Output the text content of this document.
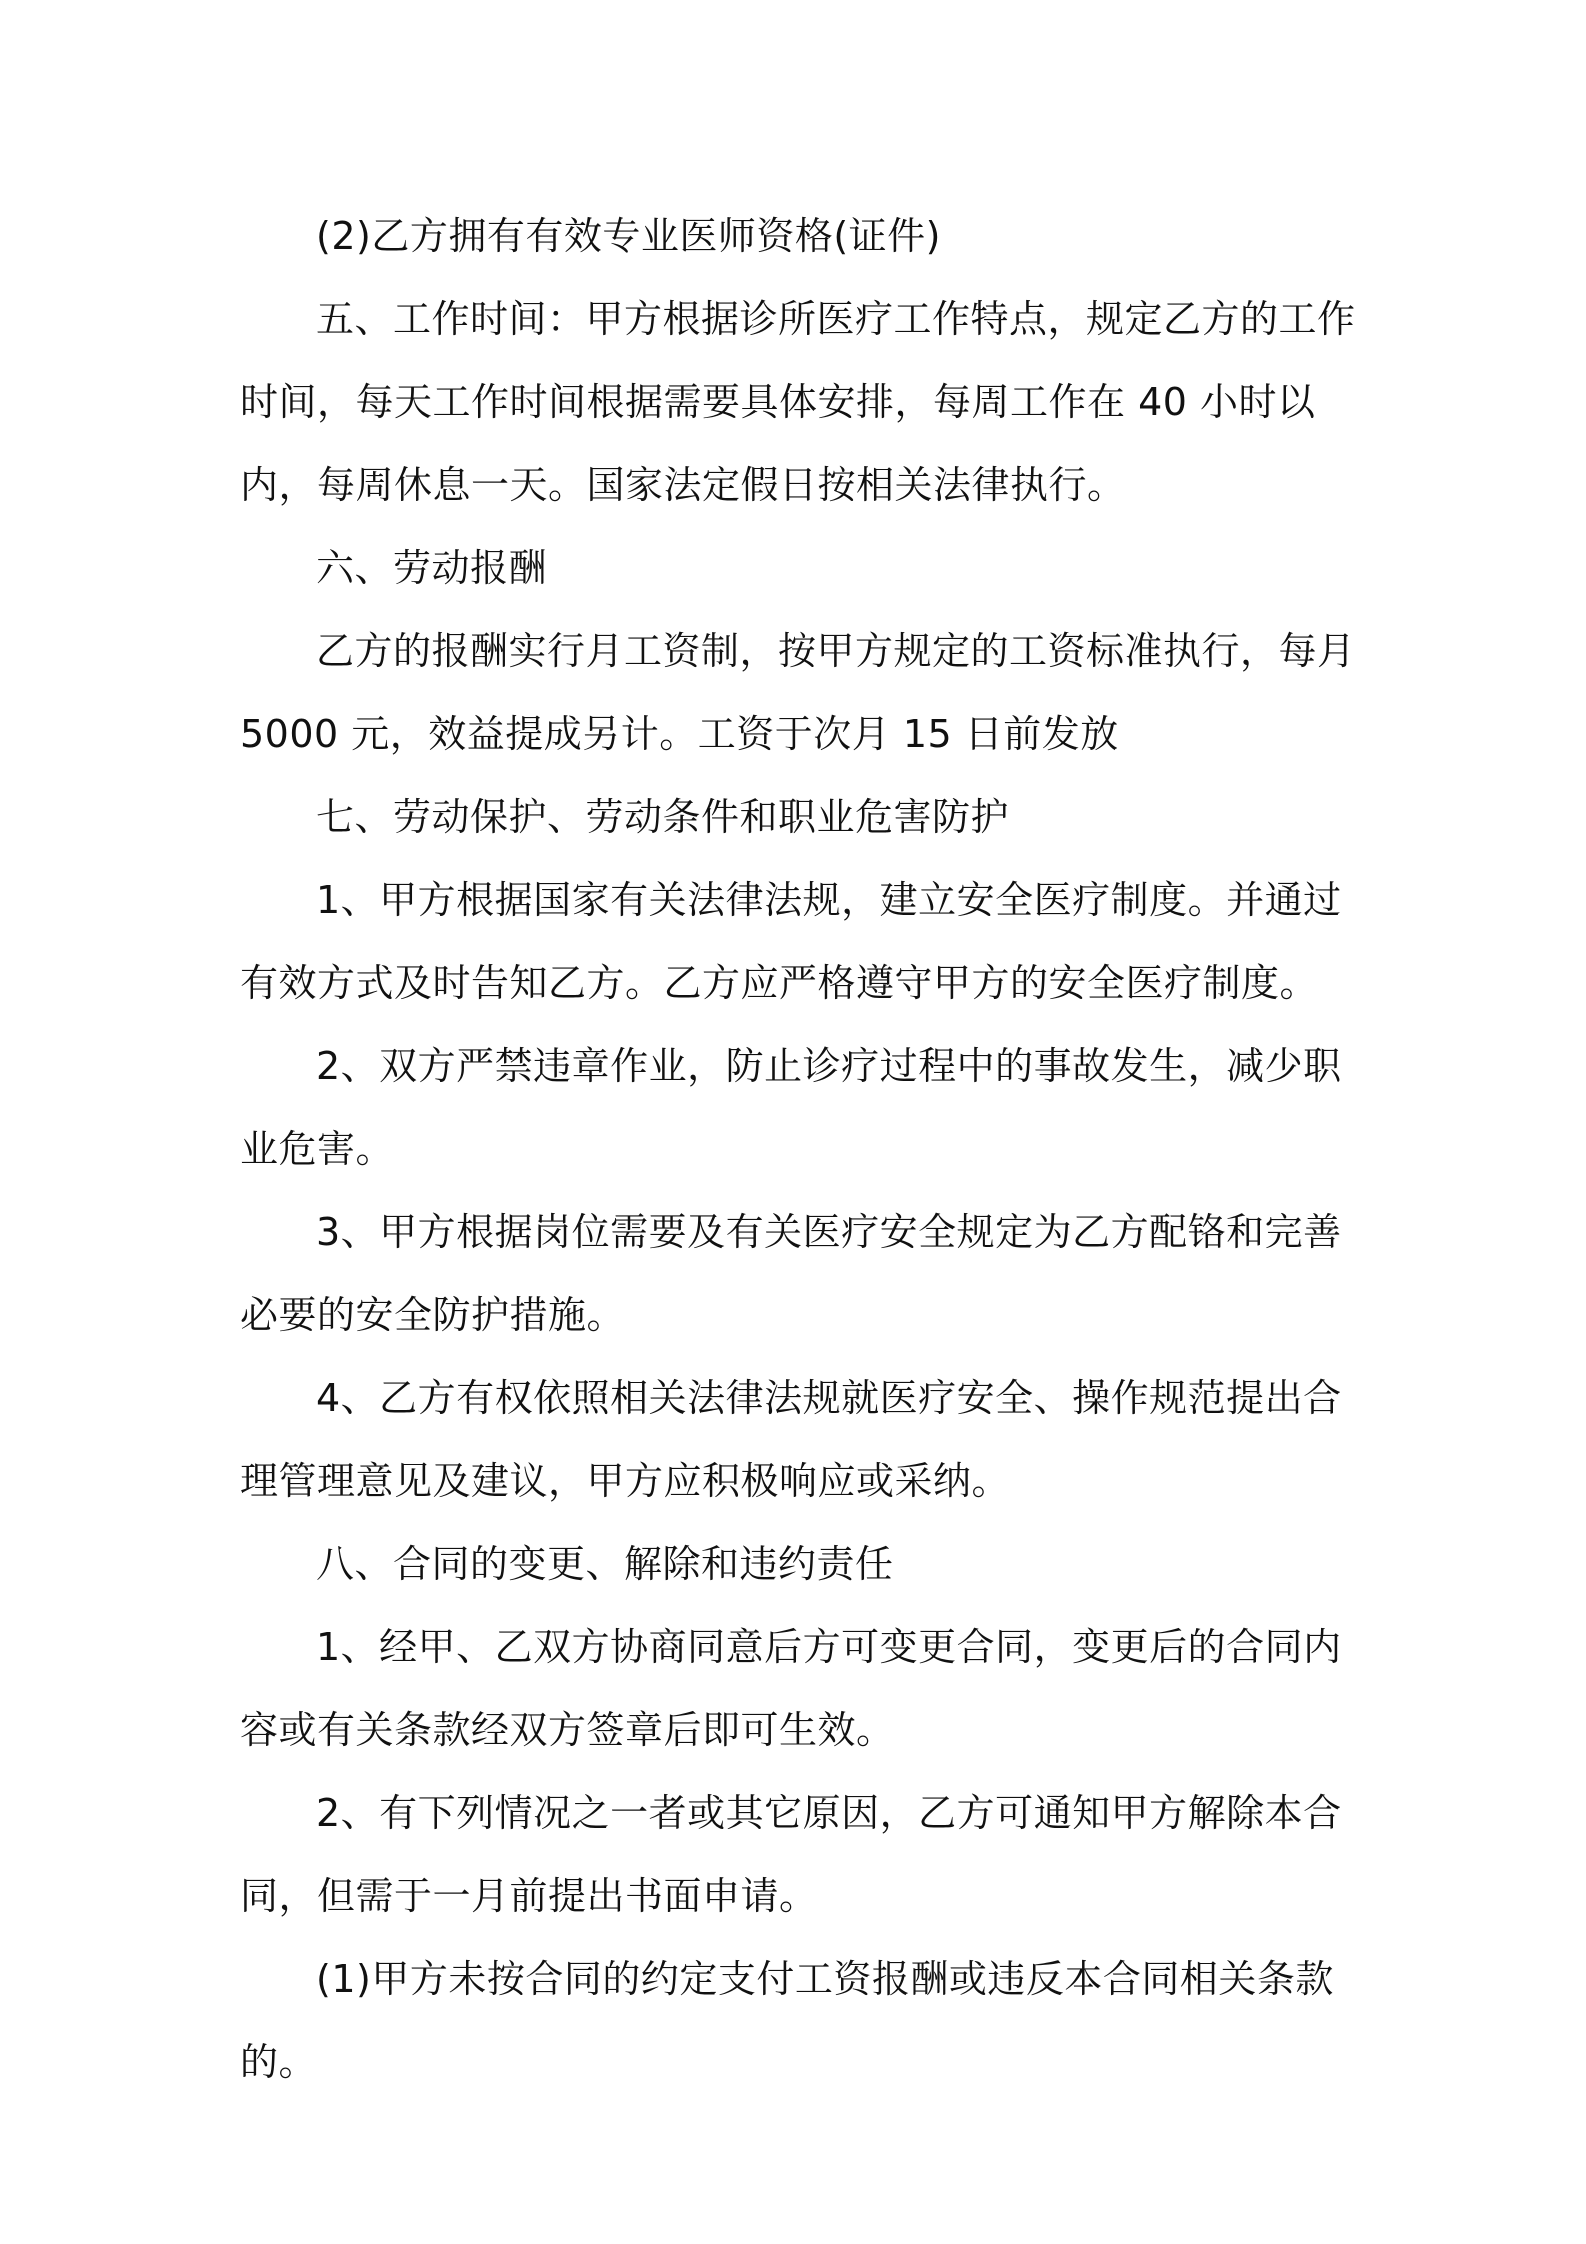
(2)乙方拥有有效专业医师资格(证件)

五、工作时间：甲方根据诊所医疗工作特点，规定乙方的工作时间，每天工作时间根据需要具体安排，每周工作在 40 小时以内，每周休息一天。国家法定假日按相关法律执行。

六、劳动报酬

乙方的报酬实行月工资制，按甲方规定的工资标准执行，每月5000 元，效益提成另计。工资于次月 15 日前发放

七、劳动保护、劳动条件和职业危害防护

1、甲方根据国家有关法律法规，建立安全医疗制度。并通过有效方式及时告知乙方。乙方应严格遵守甲方的安全医疗制度。

2、双方严禁违章作业，防止诊疗过程中的事故发生，减少职业危害。

3、甲方根据岗位需要及有关医疗安全规定为乙方配铬和完善必要的安全防护措施。

4、乙方有权依照相关法律法规就医疗安全、操作规范提出合理管理意见及建议，甲方应积极响应或采纳。

八、合同的变更、解除和违约责任

1、经甲、乙双方协商同意后方可变更合同，变更后的合同内容或有关条款经双方签章后即可生效。

2、有下列情况之一者或其它原因，乙方可通知甲方解除本合同，但需于一月前提出书面申请。

(1)甲方未按合同的约定支付工资报酬或违反本合同相关条款的。
